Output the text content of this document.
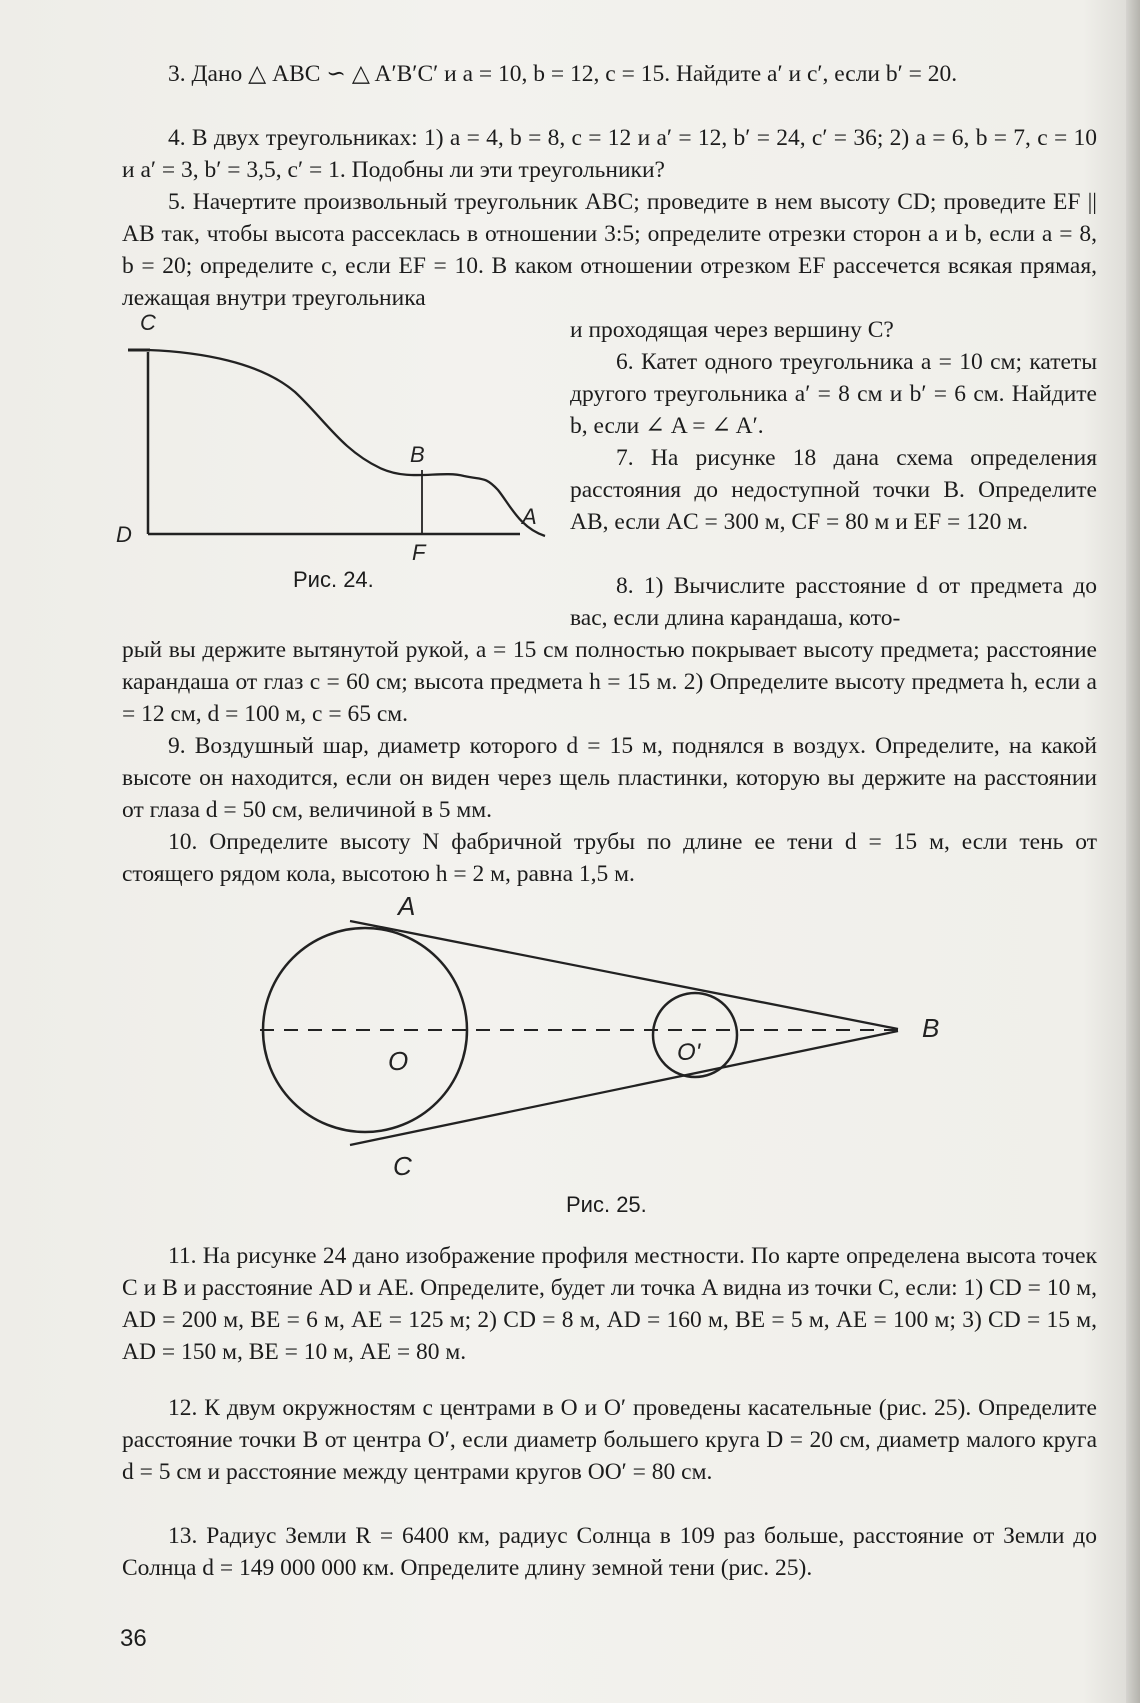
3. Дано △ ABC ∽ △ A′B′C′ и a = 10, b = 12, c = 15. Найдите a′ и c′, если b′ = 20.

4. В двух треугольниках: 1) a = 4, b = 8, c = 12 и a′ = 12, b′ = 24, c′ = 36; 2) a = 6, b = 7, c = 10 и a′ = 3, b′ = 3,5, c′ = 1. Подобны ли эти треугольники?

5. Начертите произвольный треугольник ABC; проведите в нем высоту CD; проведите EF || AB так, чтобы высота рассеклась в отношении 3:5; определите отрезки сторон a и b, если a = 8, b = 20; определите c, если EF = 10. В каком отношении отрезком EF рассечется всякая прямая, лежащая внутри треугольника

и проходящая через вершину C?

C
D
B
F
A
Рис. 24.

6. Катет одного треугольника a = 10 см; катеты другого треугольника a′ = 8 см и b′ = 6 см. Найдите b, если ∠ A = ∠ A′.

7. На рисунке 18 дана схема определения расстояния до недоступной точки B. Определите AB, если AC = 300 м, CF = 80 м и EF = 120 м.

8. 1) Вычислите расстояние d от предмета до вас, если длина карандаша, кото-

рый вы держите вытянутой рукой, a = 15 см полностью покрывает высоту предмета; расстояние карандаша от глаз c = 60 см; высота предмета h = 15 м. 2) Определите высоту предмета h, если a = 12 см, d = 100 м, c = 65 см.

9. Воздушный шар, диаметр которого d = 15 м, поднялся в воздух. Определите, на какой высоте он находится, если он виден через щель пластинки, которую вы держите на расстоянии от глаза d = 50 см, величиной в 5 мм.

10. Определите высоту N фабричной трубы по длине ее тени d = 15 м, если тень от стоящего рядом кола, высотою h = 2 м, равна 1,5 м.

A
O	O'
B
C
Рис. 25.

11. На рисунке 24 дано изображение профиля местности. По карте определена высота точек C и B и расстояние AD и AE. Определите, будет ли точка A видна из точки C, если: 1) CD = 10 м, AD = 200 м, BE = 6 м, AE = 125 м; 2) CD = 8 м, AD = 160 м, BE = 5 м, AE = 100 м; 3) CD = 15 м, AD = 150 м, BE = 10 м, AE = 80 м.

12. К двум окружностям с центрами в O и O′ проведены касательные (рис. 25). Определите расстояние точки B от центра O′, если диаметр большего круга D = 20 см, диаметр малого круга d = 5 см и расстояние между центрами кругов OO′ = 80 см.

13. Радиус Земли R = 6400 км, радиус Солнца в 109 раз больше, расстояние от Земли до Солнца d = 149 000 000 км. Определите длину земной тени (рис. 25).

36
